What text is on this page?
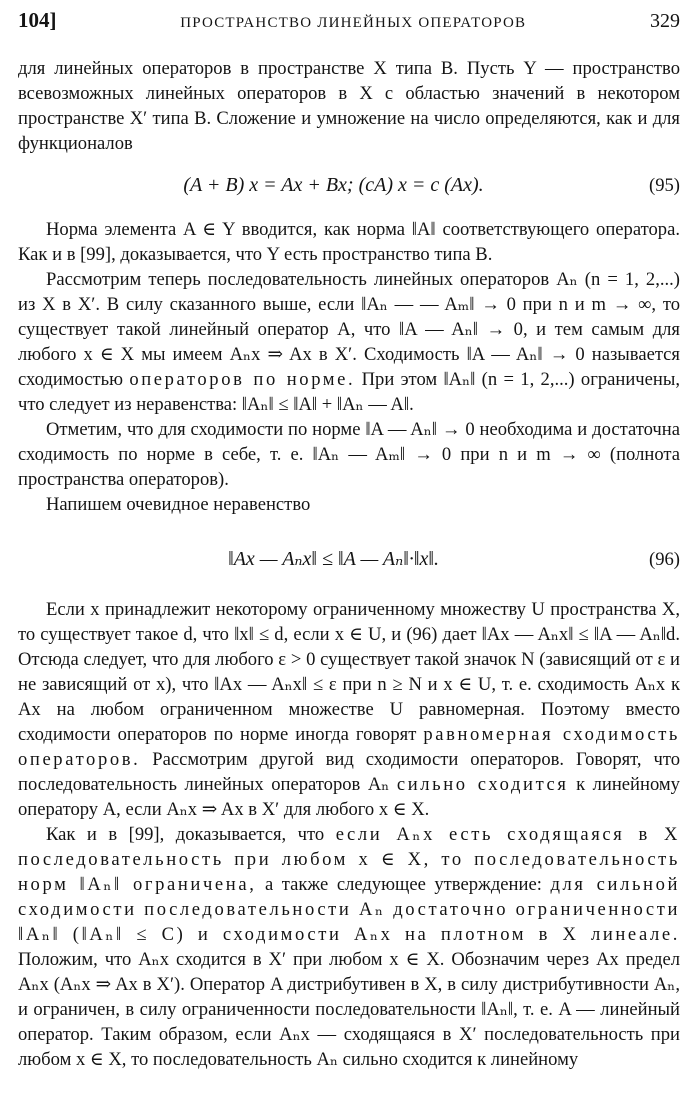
104]	ПРОСТРАНСТВО ЛИНЕЙНЫХ ОПЕРАТОРОВ	329

для линейных операторов в пространстве X типа B. Пусть Y — пространство всевозможных линейных операторов в X с областью значений в некотором пространстве X′ типа B. Сложение и умножение на число определяются, как и для функционалов

(A + B) x = Ax + Bx; (cA) x = c (Ax).	(95)

Норма элемента A ∈ Y вводится, как норма ‖A‖ соответствующего оператора. Как и в [99], доказывается, что Y есть пространство типа B.

Рассмотрим теперь последовательность линейных операторов Aₙ (n = 1, 2,...) из X в X′. В силу сказанного выше, если ‖Aₙ — — Aₘ‖ → 0 при n и m → ∞, то существует такой линейный оператор A, что ‖A — Aₙ‖ → 0, и тем самым для любого x ∈ X мы имеем Aₙx ⇒ Ax в X′. Сходимость ‖A — Aₙ‖ → 0 называется сходимостью операторов по норме. При этом ‖Aₙ‖ (n = 1, 2,...) ограничены, что следует из неравенства: ‖Aₙ‖ ≤ ‖A‖ + ‖Aₙ — A‖.

Отметим, что для сходимости по норме ‖A — Aₙ‖ → 0 необходима и достаточна сходимость по норме в себе, т. е. ‖Aₙ — Aₘ‖ → 0 при n и m → ∞ (полнота пространства операторов).

Напишем очевидное неравенство

‖Ax — Aₙx‖ ≤ ‖A — Aₙ‖·‖x‖.	(96)

Если x принадлежит некоторому ограниченному множеству U пространства X, то существует такое d, что ‖x‖ ≤ d, если x ∈ U, и (96) дает ‖Ax — Aₙx‖ ≤ ‖A — Aₙ‖d. Отсюда следует, что для любого ε > 0 существует такой значок N (зависящий от ε и не зависящий от x), что ‖Ax — Aₙx‖ ≤ ε при n ≥ N и x ∈ U, т. е. сходимость Aₙx к Ax на любом ограниченном множестве U равномерная. Поэтому вместо сходимости операторов по норме иногда говорят равномерная сходимость операторов. Рассмотрим другой вид сходимости операторов. Говорят, что последовательность линейных операторов Aₙ сильно сходится к линейному оператору A, если Aₙx ⇒ Ax в X′ для любого x ∈ X.

Как и в [99], доказывается, что если Aₙx есть сходящаяся в X последовательность при любом x ∈ X, то последовательность норм ‖Aₙ‖ ограничена, а также следующее утверждение: для сильной сходимости последовательности Aₙ достаточно ограниченности ‖Aₙ‖ (‖Aₙ‖ ≤ C) и сходимости Aₙx на плотном в X линеале. Положим, что Aₙx сходится в X′ при любом x ∈ X. Обозначим через Ax предел Aₙx (Aₙx ⇒ Ax в X′). Оператор A дистрибутивен в X, в силу дистрибутивности Aₙ, и ограничен, в силу ограниченности последовательности ‖Aₙ‖, т. е. A — линейный оператор. Таким образом, если Aₙx — сходящаяся в X′ последовательность при любом x ∈ X, то последовательность Aₙ сильно сходится к линейному
